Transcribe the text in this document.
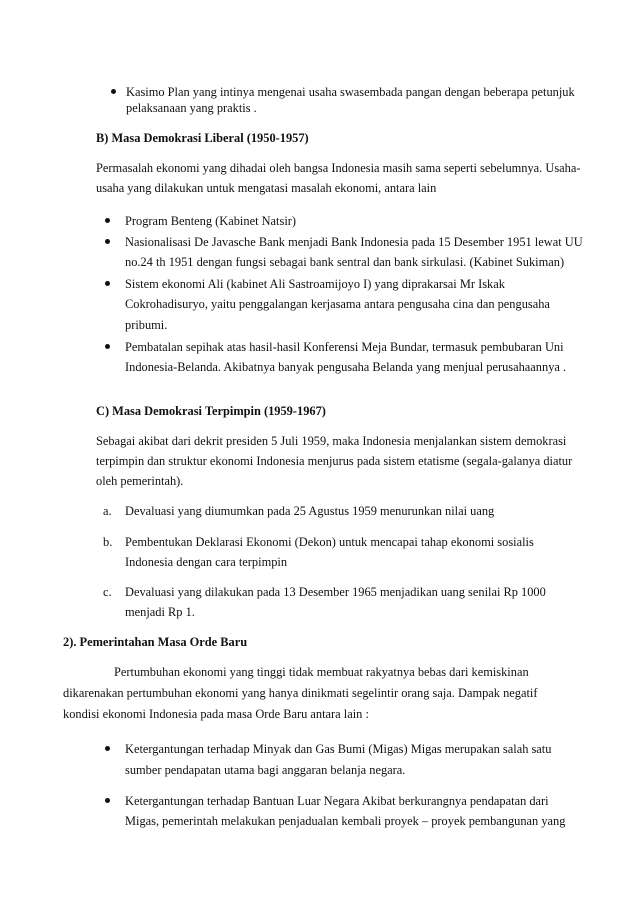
Kasimo Plan yang intinya mengenai usaha swasembada pangan dengan beberapa petunjuk
pelaksanaan yang praktis .
B) Masa Demokrasi Liberal (1950-1957)
Permasalah ekonomi yang dihadai oleh bangsa Indonesia masih sama seperti sebelumnya. Usaha-
usaha yang dilakukan untuk mengatasi masalah ekonomi, antara lain
Program Benteng (Kabinet Natsir)
Nasionalisasi De Javasche Bank menjadi Bank Indonesia pada 15 Desember 1951 lewat UU
no.24 th 1951 dengan fungsi sebagai bank sentral dan bank sirkulasi. (Kabinet Sukiman)
Sistem ekonomi Ali (kabinet Ali Sastroamijoyo I) yang diprakarsai Mr Iskak
Cokrohadisuryo, yaitu penggalangan kerjasama antara pengusaha cina dan pengusaha
pribumi.
Pembatalan sepihak atas hasil-hasil Konferensi Meja Bundar, termasuk pembubaran Uni
Indonesia-Belanda. Akibatnya banyak pengusaha Belanda yang menjual perusahaannya .
C) Masa Demokrasi Terpimpin (1959-1967)
Sebagai akibat dari dekrit presiden 5 Juli 1959, maka Indonesia menjalankan sistem demokrasi
terpimpin dan struktur ekonomi Indonesia menjurus pada sistem etatisme (segala-galanya diatur
oleh pemerintah).
a. Devaluasi yang diumumkan pada 25 Agustus 1959 menurunkan nilai uang
b. Pembentukan Deklarasi Ekonomi (Dekon) untuk mencapai tahap ekonomi sosialis
Indonesia dengan cara terpimpin
c. Devaluasi yang dilakukan pada 13 Desember 1965 menjadikan uang senilai Rp 1000
menjadi Rp 1.
2). Pemerintahan Masa Orde Baru
Pertumbuhan ekonomi yang tinggi tidak membuat rakyatnya bebas dari kemiskinan
dikarenakan pertumbuhan ekonomi yang hanya dinikmati segelintir orang saja. Dampak negatif
kondisi ekonomi Indonesia pada masa Orde Baru antara lain :
Ketergantungan terhadap Minyak dan Gas Bumi (Migas) Migas merupakan salah satu
sumber pendapatan utama bagi anggaran belanja negara.
Ketergantungan terhadap Bantuan Luar Negara Akibat berkurangnya pendapatan dari
Migas, pemerintah melakukan penjadualan kembali proyek – proyek pembangunan yang
